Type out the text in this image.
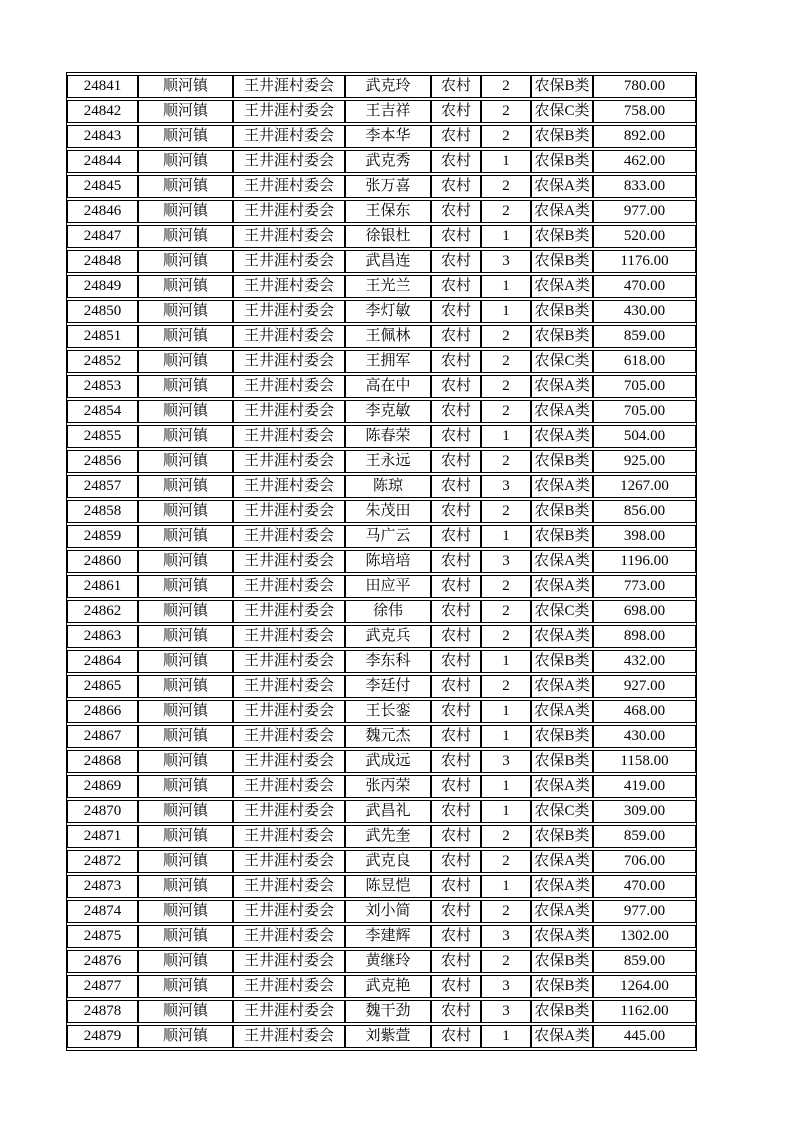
24841	顺河镇	王井涯村委会	武克玲	农村	2	农保B类	780.00
24842	顺河镇	王井涯村委会	王吉祥	农村	2	农保C类	758.00
24843	顺河镇	王井涯村委会	李本华	农村	2	农保B类	892.00
24844	顺河镇	王井涯村委会	武克秀	农村	1	农保B类	462.00
24845	顺河镇	王井涯村委会	张万喜	农村	2	农保A类	833.00
24846	顺河镇	王井涯村委会	王保东	农村	2	农保A类	977.00
24847	顺河镇	王井涯村委会	徐银杜	农村	1	农保B类	520.00
24848	顺河镇	王井涯村委会	武昌连	农村	3	农保B类	1176.00
24849	顺河镇	王井涯村委会	王光兰	农村	1	农保A类	470.00
24850	顺河镇	王井涯村委会	李灯敏	农村	1	农保B类	430.00
24851	顺河镇	王井涯村委会	王佩林	农村	2	农保B类	859.00
24852	顺河镇	王井涯村委会	王拥军	农村	2	农保C类	618.00
24853	顺河镇	王井涯村委会	高在中	农村	2	农保A类	705.00
24854	顺河镇	王井涯村委会	李克敏	农村	2	农保A类	705.00
24855	顺河镇	王井涯村委会	陈春荣	农村	1	农保A类	504.00
24856	顺河镇	王井涯村委会	王永远	农村	2	农保B类	925.00
24857	顺河镇	王井涯村委会	陈琼	农村	3	农保A类	1267.00
24858	顺河镇	王井涯村委会	朱茂田	农村	2	农保B类	856.00
24859	顺河镇	王井涯村委会	马广云	农村	1	农保B类	398.00
24860	顺河镇	王井涯村委会	陈培培	农村	3	农保A类	1196.00
24861	顺河镇	王井涯村委会	田应平	农村	2	农保A类	773.00
24862	顺河镇	王井涯村委会	徐伟	农村	2	农保C类	698.00
24863	顺河镇	王井涯村委会	武克兵	农村	2	农保A类	898.00
24864	顺河镇	王井涯村委会	李东科	农村	1	农保B类	432.00
24865	顺河镇	王井涯村委会	李廷付	农村	2	农保A类	927.00
24866	顺河镇	王井涯村委会	王长銮	农村	1	农保A类	468.00
24867	顺河镇	王井涯村委会	魏元杰	农村	1	农保B类	430.00
24868	顺河镇	王井涯村委会	武成远	农村	3	农保B类	1158.00
24869	顺河镇	王井涯村委会	张丙荣	农村	1	农保A类	419.00
24870	顺河镇	王井涯村委会	武昌礼	农村	1	农保C类	309.00
24871	顺河镇	王井涯村委会	武先奎	农村	2	农保B类	859.00
24872	顺河镇	王井涯村委会	武克良	农村	2	农保A类	706.00
24873	顺河镇	王井涯村委会	陈昱恺	农村	1	农保A类	470.00
24874	顺河镇	王井涯村委会	刘小简	农村	2	农保A类	977.00
24875	顺河镇	王井涯村委会	李建辉	农村	3	农保A类	1302.00
24876	顺河镇	王井涯村委会	黄继玲	农村	2	农保B类	859.00
24877	顺河镇	王井涯村委会	武克艳	农村	3	农保B类	1264.00
24878	顺河镇	王井涯村委会	魏干劲	农村	3	农保B类	1162.00
24879	顺河镇	王井涯村委会	刘紫萱	农村	1	农保A类	445.00
